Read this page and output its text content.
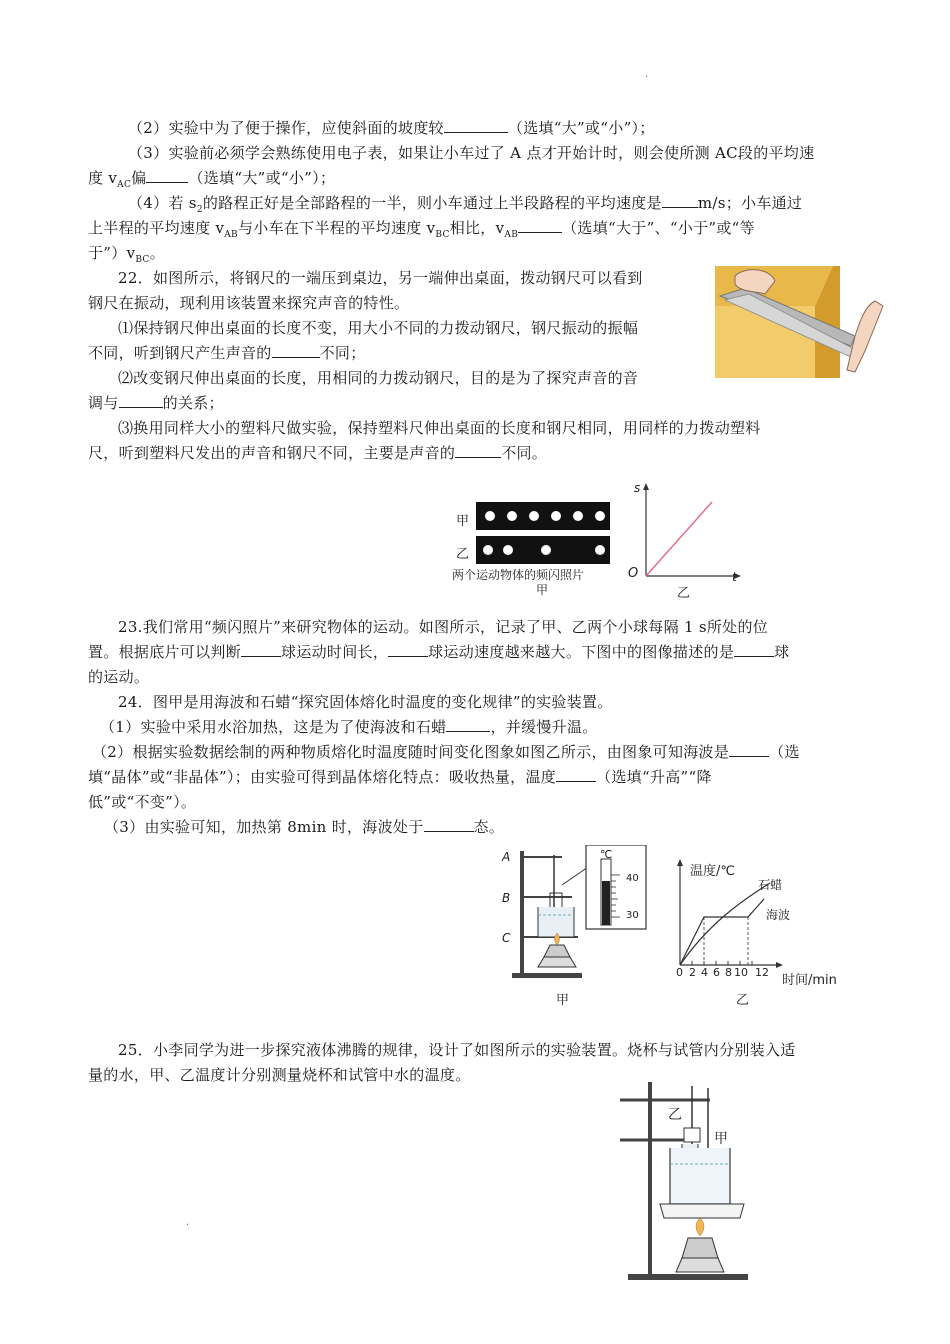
·
·
（2）实验中为了便于操作，应使斜面的坡度较	（选填“大”或“小”）；
（3）实验前必须学会熟练使用电子表，如果让小车过了 A 点才开始计时，则会使所测 AC段的平均速
度 $v_{AC}$偏	（选填“大”或“小”）；
（4）若 $s_2$的路程正好是全部路程的一半，则小车通过上半段路程的平均速度是 m/s；小车通过
上半程的平均速度 $v_{AB}$与小车在下半程的平均速度 $v_{BC}$相比，$v_{AB}$	（选填“大于”、“小于”或“等
于$”)v_{BC}$。
22．如图所示，将钢尺的一端压到桌边，另一端伸出桌面，拨动钢尺可以看到
钢尺在振动，现利用该装置来探究声音的特性。
⑴保持钢尺伸出桌面的长度不变，用大小不同的力拨动钢尺，钢尺振动的振幅
不同，听到钢尺产生声音的	不同；
⑵改变钢尺伸出桌面的长度，用相同的力拨动钢尺，目的是为了探究声音的音
调与	的关系；
⑶换用同样大小的塑料尺做实验，保持塑料尺伸出桌面的长度和钢尺相同，用同样的力拨动塑料
尺，听到塑料尺发出的声音和钢尺不同，主要是声音的	不同。
甲
乙
两个运动物体的频闪照片
甲
s
t
O
乙
23.我们常用“频闪照片”来研究物体的运动。如图所示，记录了甲、乙两个小球每隔 1 s所处的位
置。根据底片可以判断	球运动时间长，	球运动速度越来越大。下图中的图像描述的是	球
的运动。
24．图甲是用海波和石蜡“探究固体熔化时温度的变化规律”的实验装置。
（1）实验中采用水浴加热，这是为了使海波和石蜡	，并缓慢升温。
（2）根据实验数据绘制的两种物质熔化时温度随时间变化图象如图乙所示，由图象可知海波是	（选
填“晶体”或“非晶体”）；由实验可得到晶体熔化特点：吸收热量，温度	（选填“升高”“降
低”或“不变”）。
（3）由实验可知，加热第 8min 时，海波处于	态。
A
B
C
℃
40
30
甲
温度/℃
石蜡
海波
时间/min
0 2 4 6 8 10 12
乙
25．小李同学为进一步探究液体沸腾的规律，设计了如图所示的实验装置。烧杯与试管内分别装入适
量的水，甲、乙温度计分别测量烧杯和试管中水的温度。
乙
甲
